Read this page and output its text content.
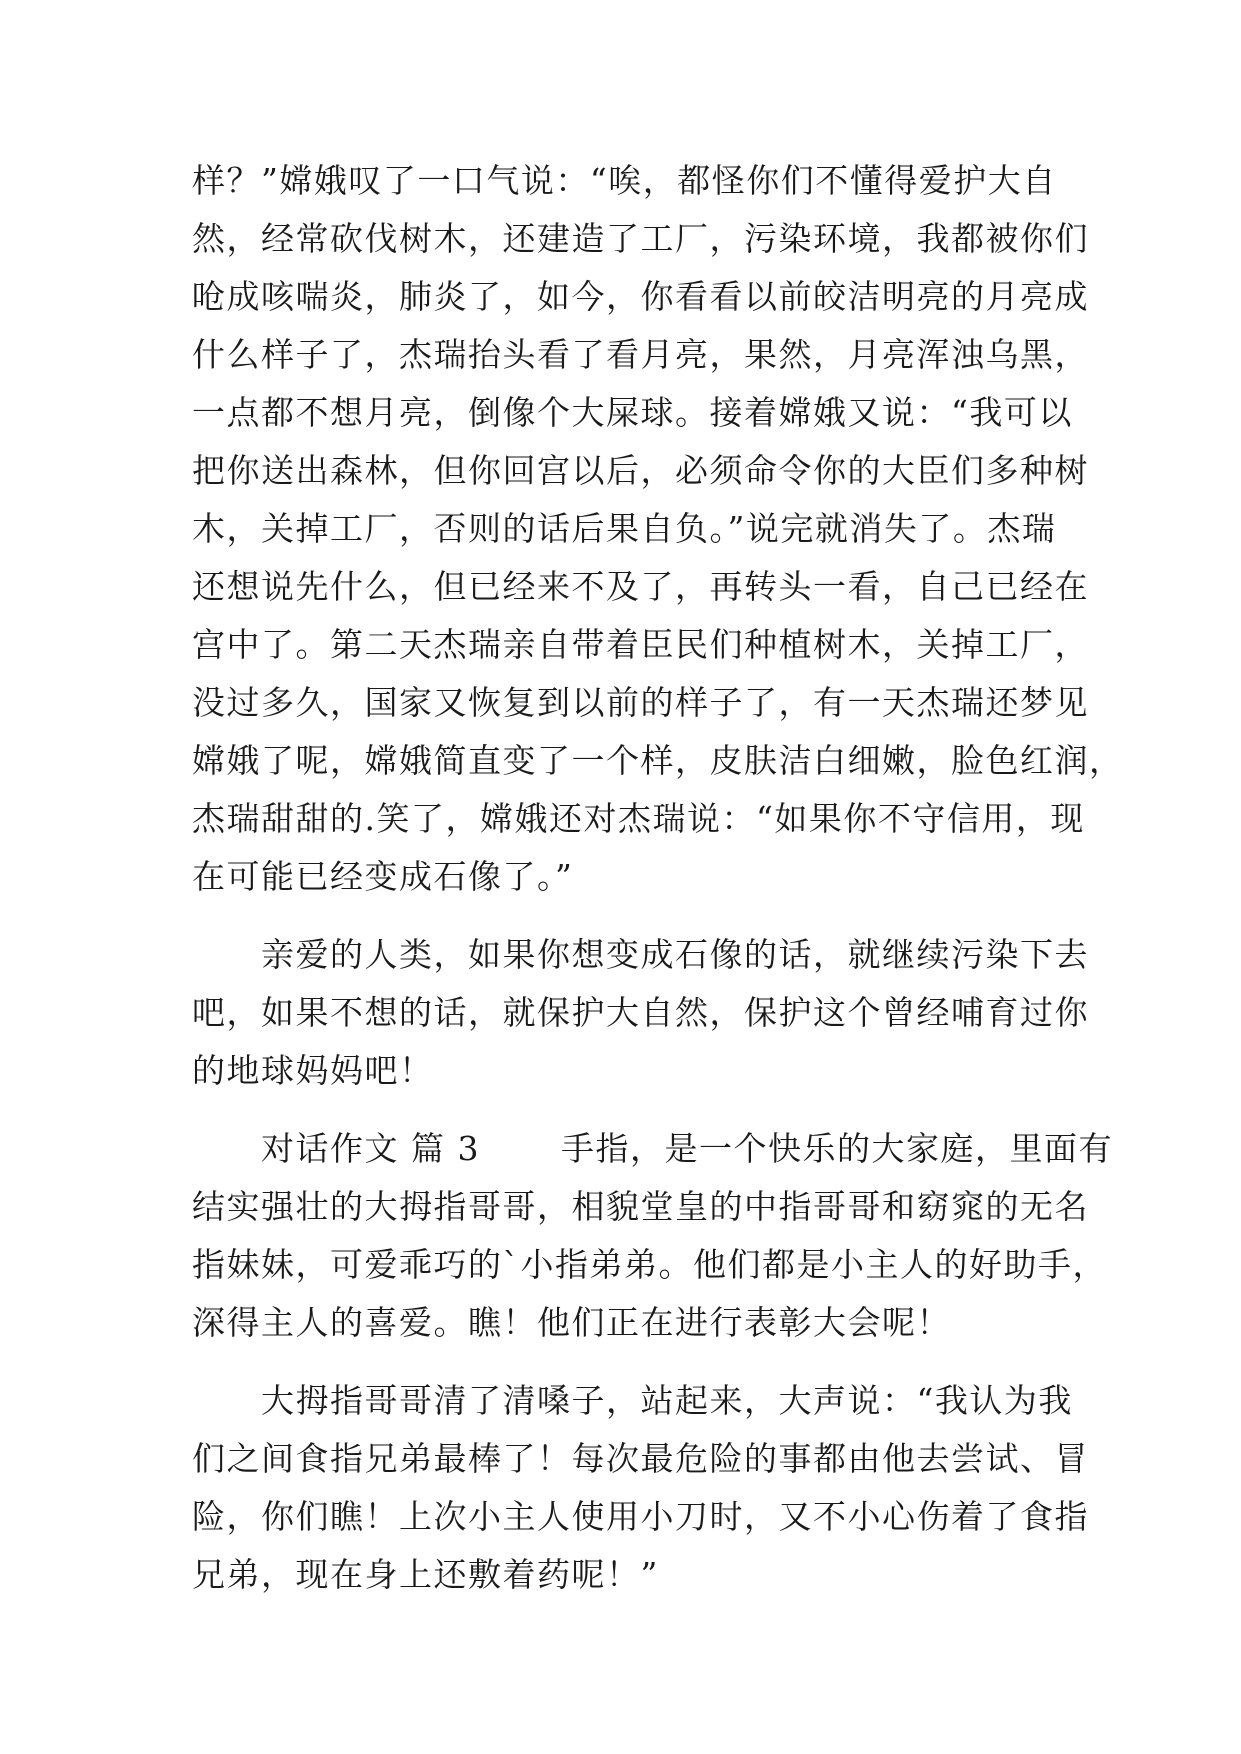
样？”嫦娥叹了一口气说：“唉，都怪你们不懂得爱护大自
然，经常砍伐树木，还建造了工厂，污染环境，我都被你们
呛成咳喘炎，肺炎了，如今，你看看以前皎洁明亮的月亮成
什么样子了，杰瑞抬头看了看月亮，果然，月亮浑浊乌黑，
一点都不想月亮，倒像个大屎球。接着嫦娥又说：“我可以
把你送出森林，但你回宫以后，必须命令你的大臣们多种树
木，关掉工厂，否则的话后果自负。”说完就消失了。杰瑞
还想说先什么，但已经来不及了，再转头一看，自己已经在
宫中了。第二天杰瑞亲自带着臣民们种植树木，关掉工厂，
没过多久，国家又恢复到以前的样子了，有一天杰瑞还梦见
嫦娥了呢，嫦娥简直变了一个样，皮肤洁白细嫩，脸色红润，
杰瑞甜甜的.笑了，嫦娥还对杰瑞说：“如果你不守信用，现
在可能已经变成石像了。”
　　亲爱的人类，如果你想变成石像的话，就继续污染下去
吧，如果不想的话，就保护大自然，保护这个曾经哺育过你
的地球妈妈吧！
　　对话作文 篇 3　　 手指，是一个快乐的大家庭，里面有
结实强壮的大拇指哥哥，相貌堂皇的中指哥哥和窈窕的无名
指妹妹，可爱乖巧的`小指弟弟。他们都是小主人的好助手，
深得主人的喜爱。瞧！他们正在进行表彰大会呢！
　　大拇指哥哥清了清嗓子，站起来，大声说：“我认为我
们之间食指兄弟最棒了！每次最危险的事都由他去尝试、冒
险，你们瞧！上次小主人使用小刀时，又不小心伤着了食指
兄弟，现在身上还敷着药呢！”
